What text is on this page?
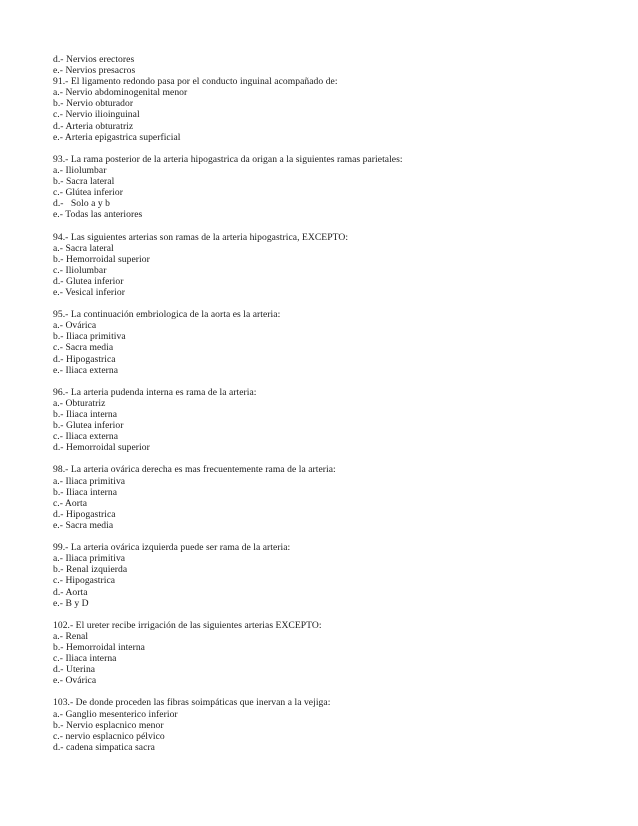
d.- Nervios erectores
e.- Nervios presacros
91.- El ligamento redondo pasa por el conducto inguinal acompañado de:
a.- Nervio abdominogenital menor
b.- Nervio obturador
c.- Nervio ilioinguinal
d.- Arteria obturatriz
e.- Arteria epigastrica superficial
93.- La rama posterior de la arteria hipogastrica da origan a la siguientes ramas parietales:
a.- Iliolumbar
b.- Sacra lateral
c.- Glútea inferior
d.-   Solo a y b
e.- Todas las anteriores
94.- Las siguientes arterias son ramas de la arteria hipogastrica, EXCEPTO:
a.- Sacra lateral
b.- Hemorroidal superior
c.- Iliolumbar
d.- Glutea inferior
e.- Vesical inferior
95.- La continuación embriologica de la aorta es la arteria:
a.- Ovárica
b.- Iliaca primitiva
c.- Sacra media
d.- Hipogastrica
e.- Iliaca externa
96.- La arteria pudenda interna es rama de la arteria:
a.- Obturatriz
b.- Iliaca interna
b.- Glutea inferior
c.- Iliaca externa
d.- Hemorroidal superior
98.- La arteria ovárica derecha es mas frecuentemente rama de la arteria:
a.- Iliaca primitiva
b.- Iliaca interna
c.- Aorta
d.- Hipogastrica
e.- Sacra media
99.- La arteria ovárica izquierda puede ser rama de la arteria:
a.- Iliaca primitiva
b.- Renal izquierda
c.- Hipogastrica
d.- Aorta
e.- B y D
102.- El ureter recibe irrigación de las siguientes arterias EXCEPTO:
a.- Renal
b.- Hemorroidal interna
c.- Iliaca interna
d.- Uterina
e.- Ovárica
103.- De donde proceden las fibras soimpáticas que inervan a la vejiga:
a.- Ganglio mesenterico inferior
b.- Nervio esplacnico menor
c.- nervio esplacnico pélvico
d.- cadena simpatica sacra
